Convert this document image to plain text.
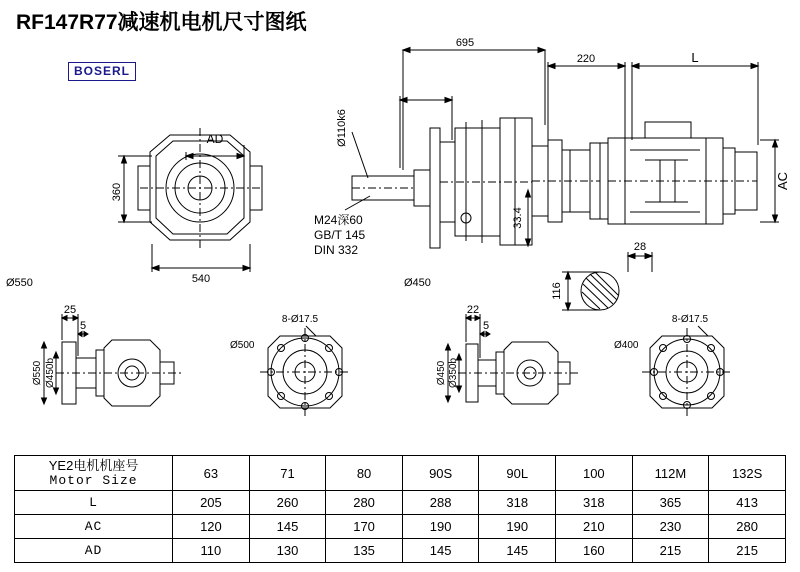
RF147R77减速机电机尺寸图纸
BOSERL
695
220	L
Ø110k6
AD
360
540
AC
33.4
28
116
M24深60
GB/T 145
DIN 332
Ø550	Ø450
25
5
Ø550 Ø450b
8-Ø17.5
Ø500
22
5
Ø450 Ø350b
8-Ø17.5
Ø400
YE2电机机座号
Motor Size	63	71	80	90S	90L	100	112M	132S
L	205	260	280	288	318	318	365	413
AC	120	145	170	190	190	210	230	280
AD	110	130	135	145	145	160	215	215
